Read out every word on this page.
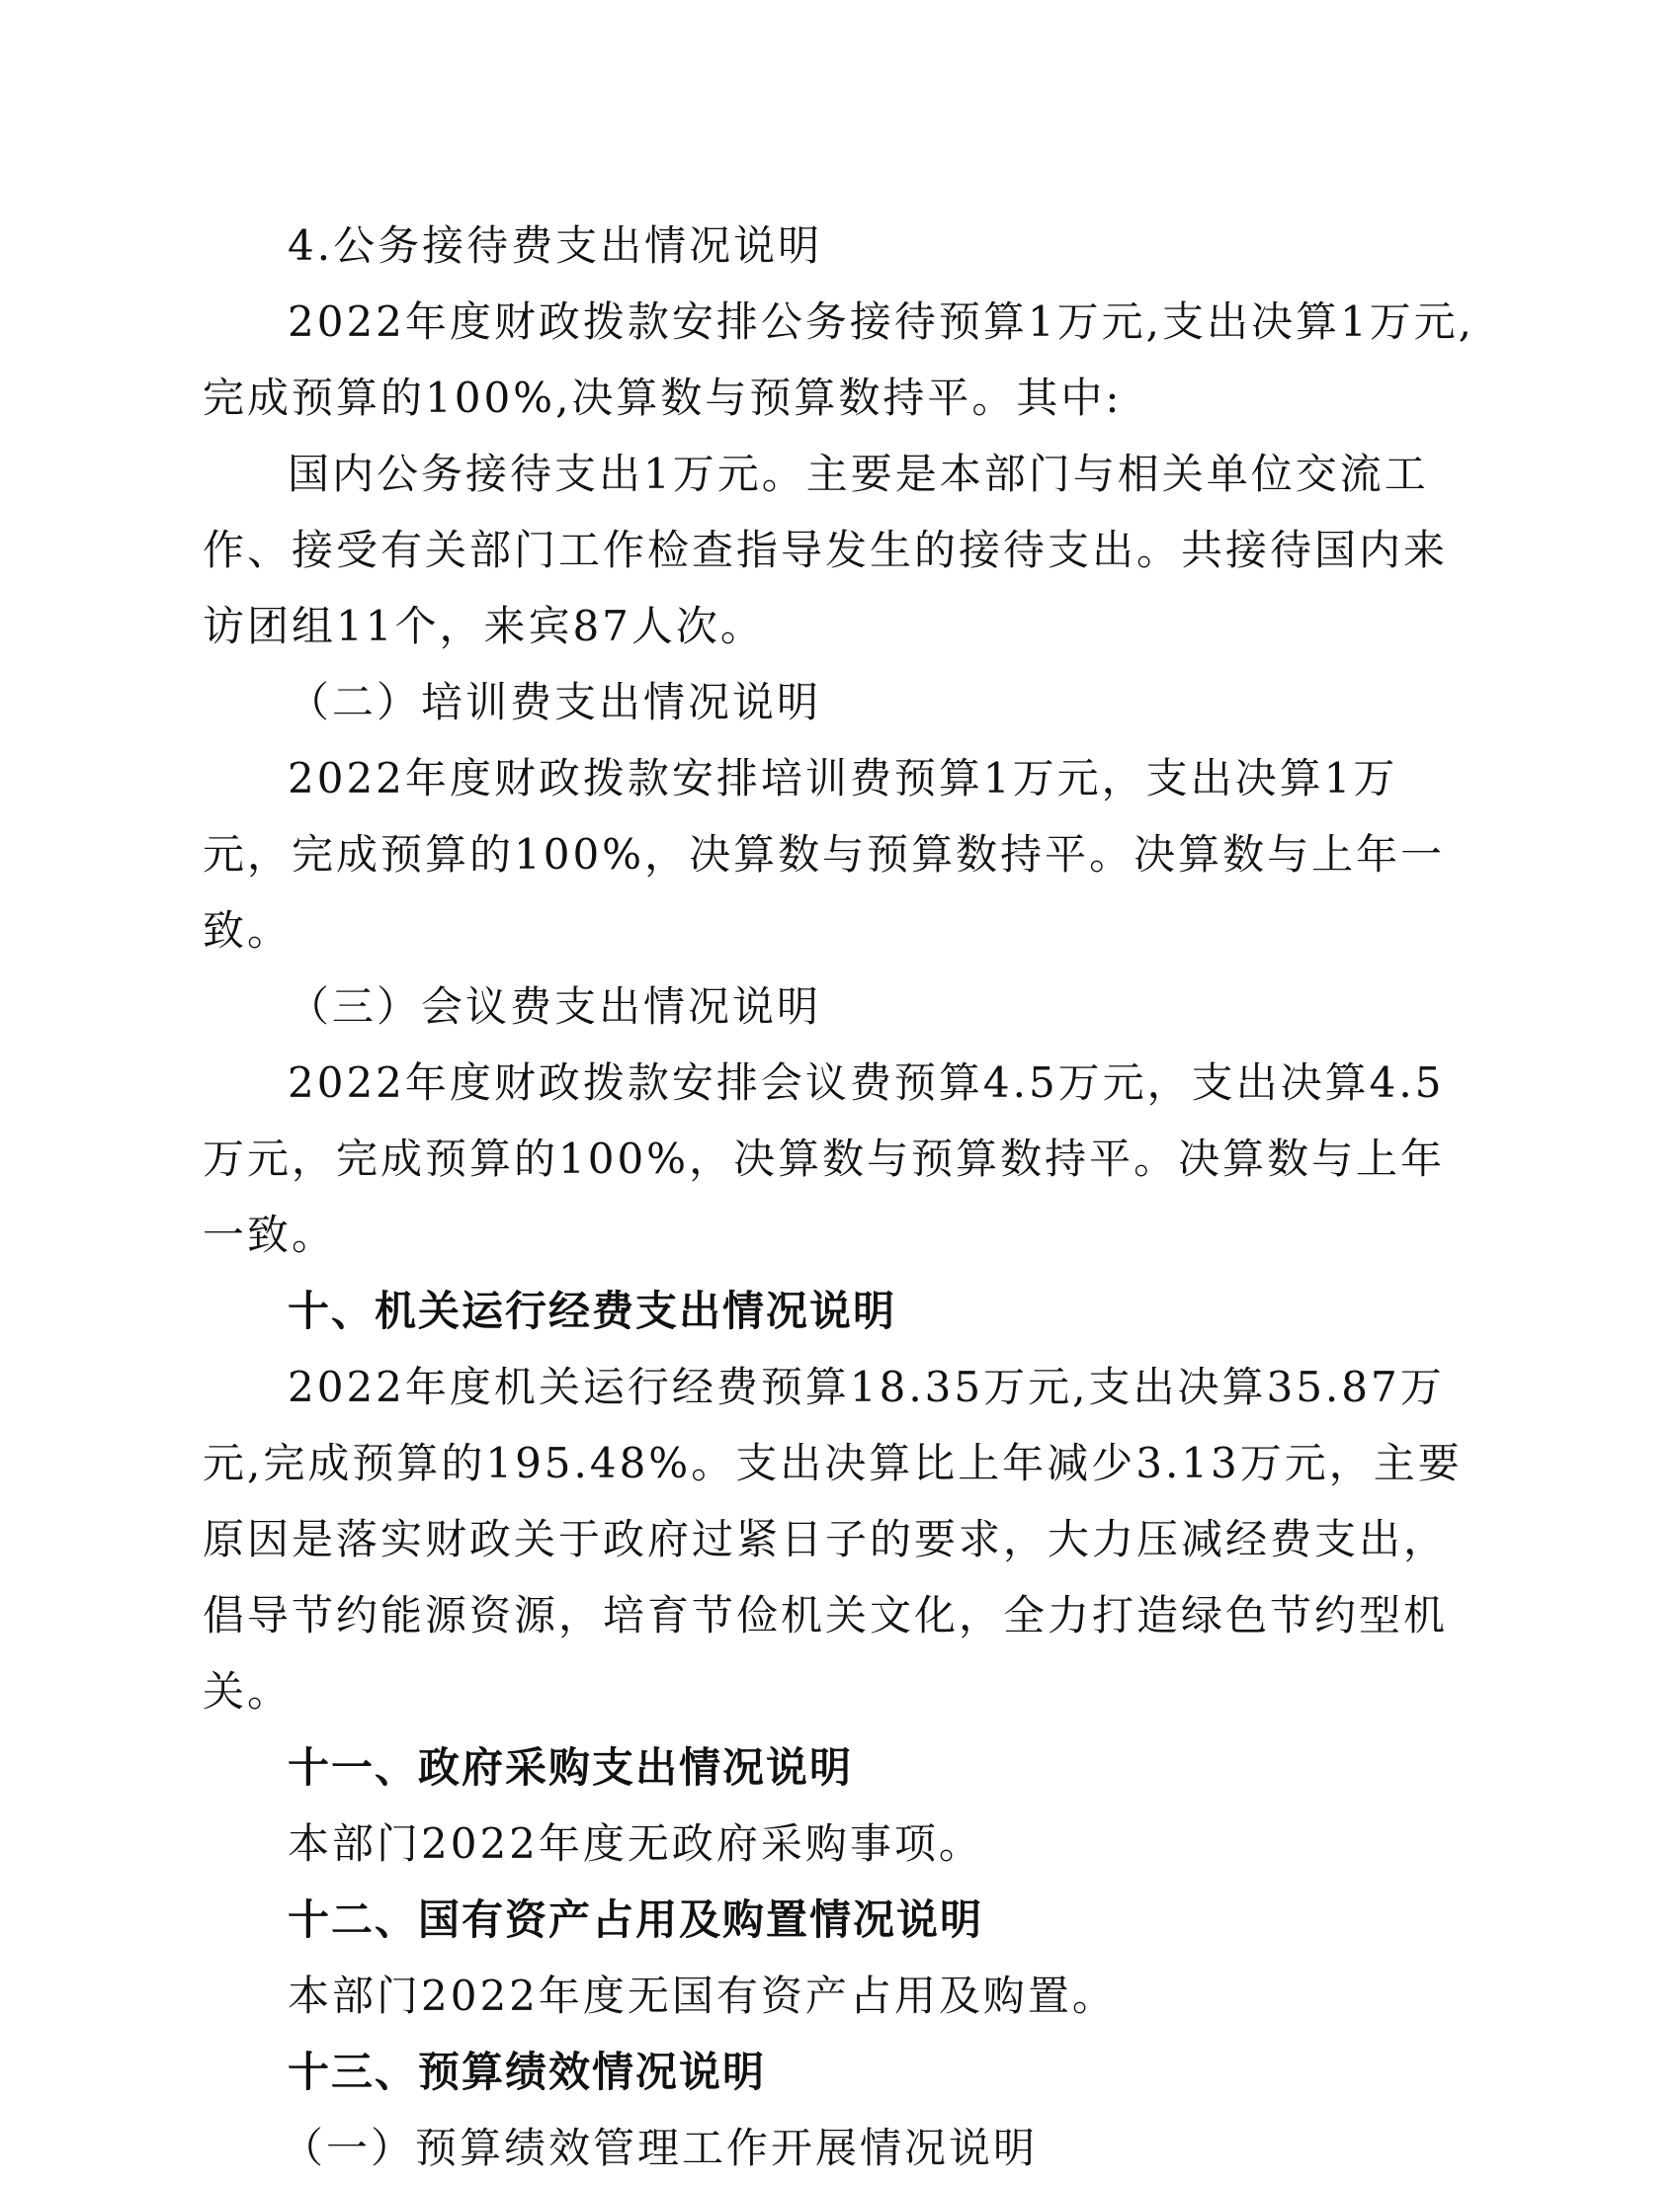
4.公务接待费支出情况说明

2022年度财政拨款安排公务接待预算1万元,支出决算1万元,完成预算的100%,决算数与预算数持平。其中:

国内公务接待支出1万元。主要是本部门与相关单位交流工作、接受有关部门工作检查指导发生的接待支出。共接待国内来访团组11个，来宾87人次。

（二）培训费支出情况说明

2022年度财政拨款安排培训费预算1万元，支出决算1万元，完成预算的100%，决算数与预算数持平。决算数与上年一致。

（三）会议费支出情况说明

2022年度财政拨款安排会议费预算4.5万元，支出决算4.5万元，完成预算的100%，决算数与预算数持平。决算数与上年一致。

十、机关运行经费支出情况说明

2022年度机关运行经费预算18.35万元,支出决算35.87万元,完成预算的195.48%。支出决算比上年减少3.13万元，主要原因是落实财政关于政府过紧日子的要求，大力压减经费支出，倡导节约能源资源，培育节俭机关文化，全力打造绿色节约型机关。

十一、政府采购支出情况说明

本部门2022年度无政府采购事项。

十二、国有资产占用及购置情况说明

本部门2022年度无国有资产占用及购置。

十三、预算绩效情况说明

（一）预算绩效管理工作开展情况说明
